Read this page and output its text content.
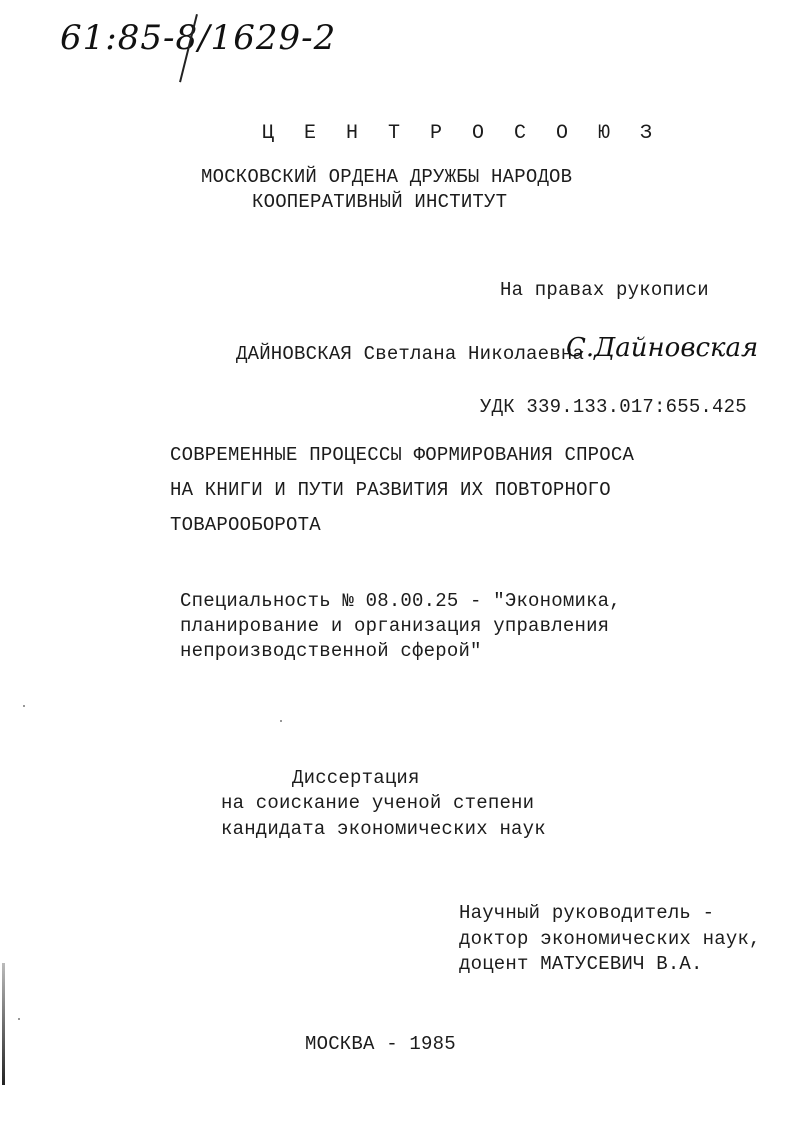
61:85-8/1629-2
Ц Е Н Т Р О С О Ю З
МОСКОВСКИЙ ОРДЕНА ДРУЖБЫ НАРОДОВ
КООПЕРАТИВНЫЙ ИНСТИТУТ
На правах рукописи
ДАЙНОВСКАЯ Светлана Николаевна
С.Дайновская
УДК 339.133.017:655.425
СОВРЕМЕННЫЕ ПРОЦЕССЫ ФОРМИРОВАНИЯ СПРОСА
НА КНИГИ И ПУТИ РАЗВИТИЯ ИХ ПОВТОРНОГО
ТОВАРООБОРОТА
Специальность № 08.00.25 - "Экономика,
планирование и организация управления
непроизводственной сферой"
Диссертация
на соискание ученой степени
кандидата экономических наук
Научный руководитель -
доктор экономических наук,
доцент МАТУСЕВИЧ В.А.
МОСКВА - 1985
